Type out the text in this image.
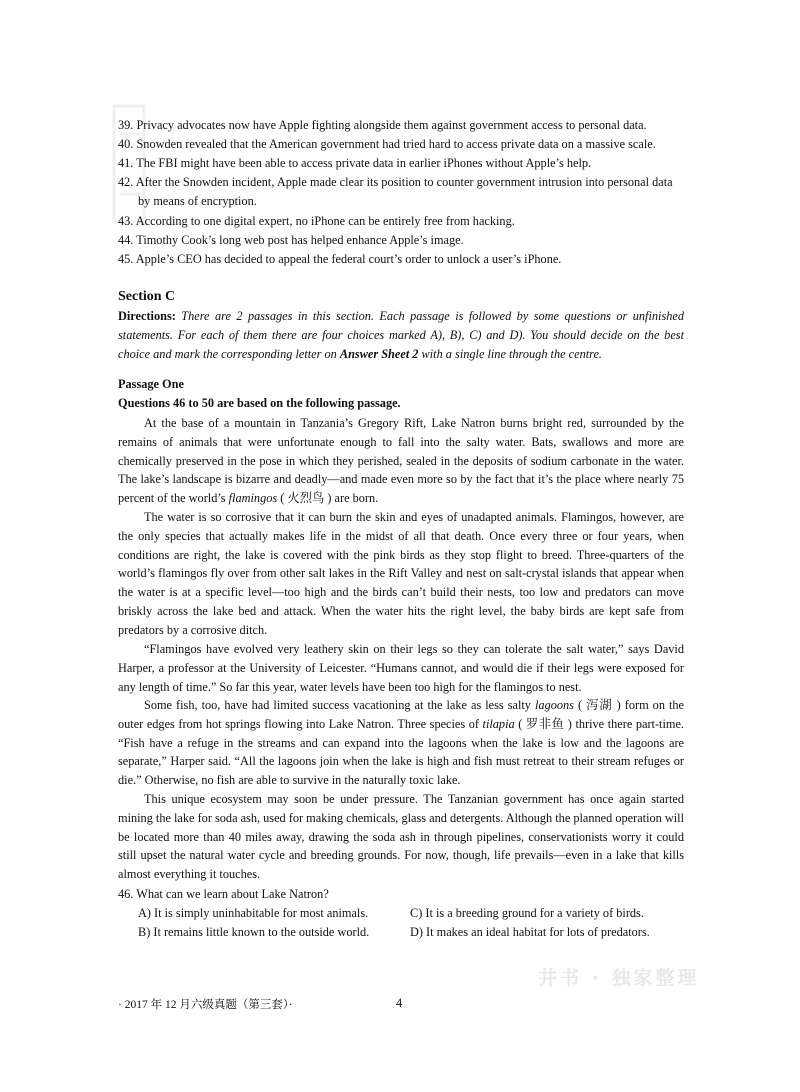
39. Privacy advocates now have Apple fighting alongside them against government access to personal data.
40. Snowden revealed that the American government had tried hard to access private data on a massive scale.
41. The FBI might have been able to access private data in earlier iPhones without Apple’s help.
42. After the Snowden incident, Apple made clear its position to counter government intrusion into personal data
by means of encryption.
43. According to one digital expert, no iPhone can be entirely free from hacking.
44. Timothy Cook’s long web post has helped enhance Apple’s image.
45. Apple’s CEO has decided to appeal the federal court’s order to unlock a user’s iPhone.
Section C
Directions: There are 2 passages in this section. Each passage is followed by some questions or unfinished statements. For each of them there are four choices marked A), B), C) and D). You should decide on the best choice and mark the corresponding letter on Answer Sheet 2 with a single line through the centre.
Passage One
Questions 46 to 50 are based on the following passage.

At the base of a mountain in Tanzania’s Gregory Rift, Lake Natron burns bright red, surrounded by the remains of animals that were unfortunate enough to fall into the salty water. Bats, swallows and more are chemically preserved in the pose in which they perished, sealed in the deposits of sodium carbonate in the water. The lake’s landscape is bizarre and deadly—and made even more so by the fact that it’s the place where nearly 75 percent of the world’s flamingos ( 火烈鸟 ) are born.

The water is so corrosive that it can burn the skin and eyes of unadapted animals. Flamingos, however, are the only species that actually makes life in the midst of all that death. Once every three or four years, when conditions are right, the lake is covered with the pink birds as they stop flight to breed. Three-quarters of the world’s flamingos fly over from other salt lakes in the Rift Valley and nest on salt-crystal islands that appear when the water is at a specific level—too high and the birds can’t build their nests, too low and predators can move briskly across the lake bed and attack. When the water hits the right level, the baby birds are kept safe from predators by a corrosive ditch.

“Flamingos have evolved very leathery skin on their legs so they can tolerate the salt water,” says David Harper, a professor at the University of Leicester. “Humans cannot, and would die if their legs were exposed for any length of time.” So far this year, water levels have been too high for the flamingos to nest.

Some fish, too, have had limited success vacationing at the lake as less salty lagoons ( 泻湖 ) form on the outer edges from hot springs flowing into Lake Natron. Three species of tilapia ( 罗非鱼 ) thrive there part-time. “Fish have a refuge in the streams and can expand into the lagoons when the lake is low and the lagoons are separate,” Harper said. “All the lagoons join when the lake is high and fish must retreat to their stream refuges or die.” Otherwise, no fish are able to survive in the naturally toxic lake.

This unique ecosystem may soon be under pressure. The Tanzanian government has once again started mining the lake for soda ash, used for making chemicals, glass and detergents. Although the planned operation will be located more than 40 miles away, drawing the soda ash in through pipelines, conservationists worry it could still upset the natural water cycle and breeding grounds. For now, though, life prevails—even in a lake that kills almost everything it touches.

46. What can we learn about Lake Natron?
A) It is simply uninhabitable for most animals.
B) It remains little known to the outside world.
C) It is a breeding ground for a variety of birds.
D) It makes an ideal habitat for lots of predators.
井书 · 独家整理
· 2017 年 12 月六级真题（第三套）·	4
